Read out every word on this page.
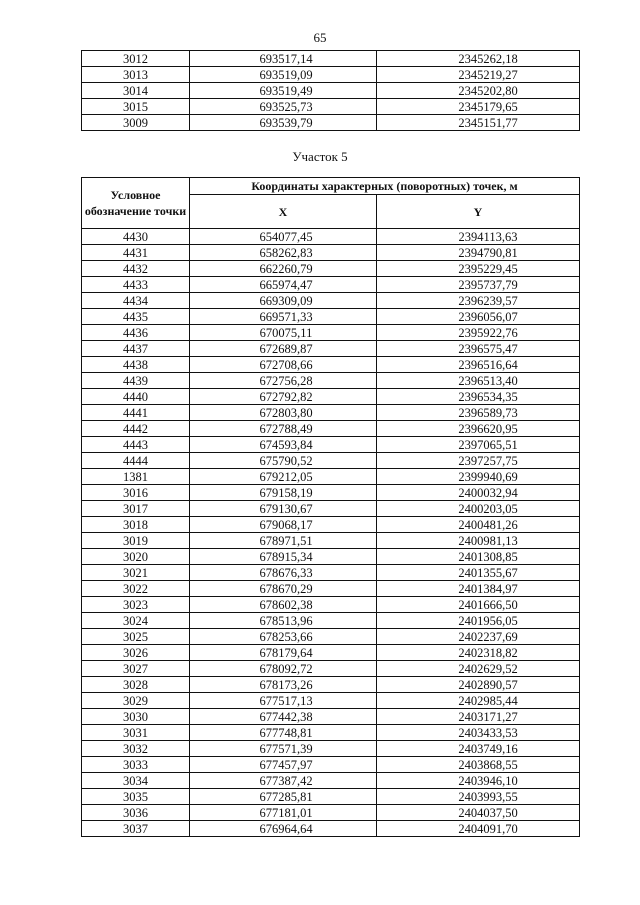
65
3012	693517,14	2345262,18
3013	693519,09	2345219,27
3014	693519,49	2345202,80
3015	693525,73	2345179,65
3009	693539,79	2345151,77
Участок 5
Условное обозначение точки	Координаты характерных (поворотных) точек, м	
	X	Y
4430	654077,45	2394113,63
4431	658262,83	2394790,81
4432	662260,79	2395229,45
4433	665974,47	2395737,79
4434	669309,09	2396239,57
4435	669571,33	2396056,07
4436	670075,11	2395922,76
4437	672689,87	2396575,47
4438	672708,66	2396516,64
4439	672756,28	2396513,40
4440	672792,82	2396534,35
4441	672803,80	2396589,73
4442	672788,49	2396620,95
4443	674593,84	2397065,51
4444	675790,52	2397257,75
1381	679212,05	2399940,69
3016	679158,19	2400032,94
3017	679130,67	2400203,05
3018	679068,17	2400481,26
3019	678971,51	2400981,13
3020	678915,34	2401308,85
3021	678676,33	2401355,67
3022	678670,29	2401384,97
3023	678602,38	2401666,50
3024	678513,96	2401956,05
3025	678253,66	2402237,69
3026	678179,64	2402318,82
3027	678092,72	2402629,52
3028	678173,26	2402890,57
3029	677517,13	2402985,44
3030	677442,38	2403171,27
3031	677748,81	2403433,53
3032	677571,39	2403749,16
3033	677457,97	2403868,55
3034	677387,42	2403946,10
3035	677285,81	2403993,55
3036	677181,01	2404037,50
3037	676964,64	2404091,70
